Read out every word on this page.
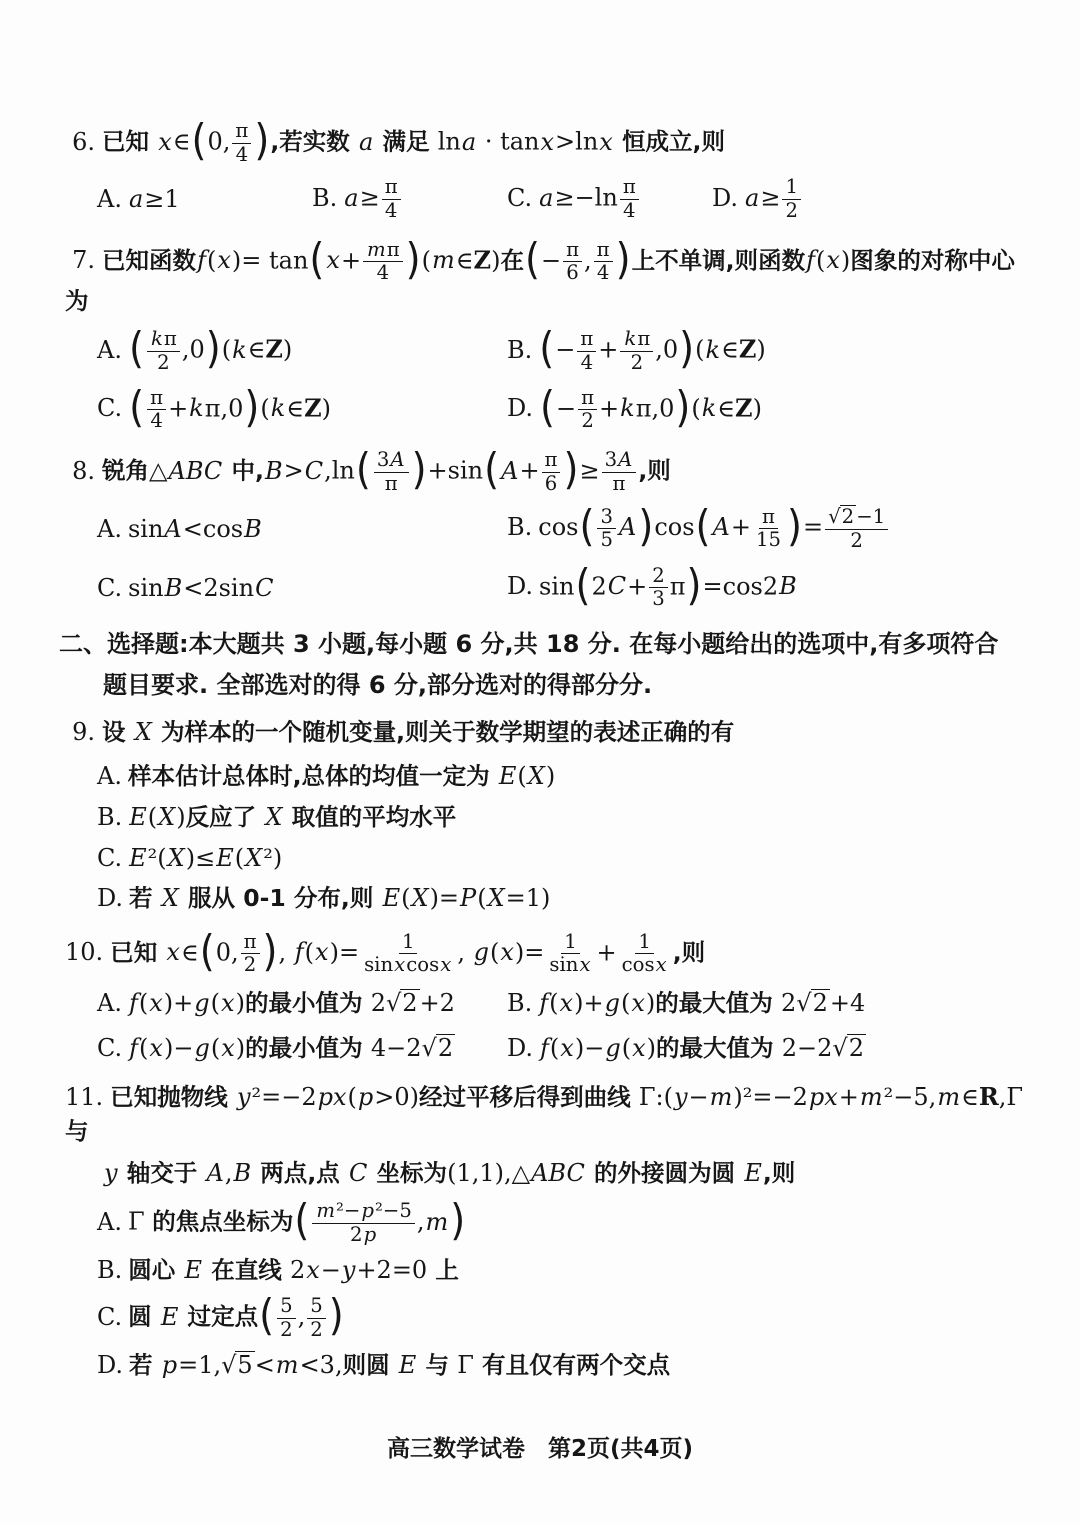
6. 已知 x∈(0, $\frac{\pi}{4}$ ),若实数 a 满足 lna · tanx>lnx 恒成立,则
A. a≥1	B. $a\ge \frac{\pi}{4}$	C. $a\ge-\ln \frac{\pi}{4}$	D. $a\ge \frac{1}{2}$
7. 已知函数$f(x)= \tan(x+ \frac{m\pi}{4}$ )(m∈Z)在(− $\frac{\pi}{6}$ , $\frac{\pi}{4}$ )上不单调,则函数f(x)图象的对称中心为
A. ( $\frac{k\pi}{2}$ ,0)(k∈Z)	B. (− $\frac{\pi}{4} + \frac{k\pi}{2}$ ,0)(k∈Z)
C. ( $\frac{\pi}{4}$ +kπ,0)(k∈Z)	D. (− $\frac{\pi}{2}$ +kπ,0)(k∈Z)
8. 锐角△ABC 中$,B>C,\ln( \frac{3A}{\pi} )+\sin(A+ \frac{\pi}{6}$ )≥ $\frac{3A}{\pi}$ ,则
A. sinA<cosB	B. $\cos( \frac{3}{5} A)\cos(A+ \frac{\pi}{15}$ )= $\frac{√ 2 -1}{2}$
C. sinB<2sinC	D. $\sin(2C+ \frac{2}{3} \pi)=\cos 2B$
二、选择题:本大题共 3 小题,每小题 6 分,共 18 分. 在每小题给出的选项中,有多项符合
题目要求. 全部选对的得 6 分,部分选对的得部分分.
9. 设 X 为样本的一个随机变量,则关于数学期望的表述正确的有
A. 样本估计总体时,总体的均值一定为 E(X)
B. E(X)反应了 X 取值的平均水平
C. E²(X)≤E(X²)
D. 若 X 服从 0-1 分布,则 E(X)=P(X=1)
10. 已知 x∈(0, $\frac{\pi}{2}$ ), $f(x)= \frac{1}{\text{sinxcosx}}$ , $g(x)= \frac{1}{\sin x} + \frac{1}{\cos x}$ ,则
A. f(x)+g(x)的最小值为 2√2+2	B. f(x)+g(x)的最大值为 2√2+4
C. f(x)−g(x)的最小值为 4−2√2	D. f(x)−g(x)的最大值为 2−2√2
11. 已知抛物线 y²=−2px(p>0)经过平移后得到曲线 Γ:(y−m)²=−2px+m²−5,m∈R,Γ 与
y 轴交于 A,B 两点,点 C 坐标为(1,1),△ABC 的外接圆为圆 E,则
A. Γ 的焦点坐标为( $\frac{\text{m²−p²−5}}{2p} ,m$)
B. 圆心 E 在直线 2x−y+2=0 上
C. 圆 E 过定点( $\frac{5}{2}$ , $\frac{5}{2}$ )
D. 若 p=1,√5<m<3,则圆 E 与 Γ 有且仅有两个交点
高三数学试卷　第2页(共4页)
